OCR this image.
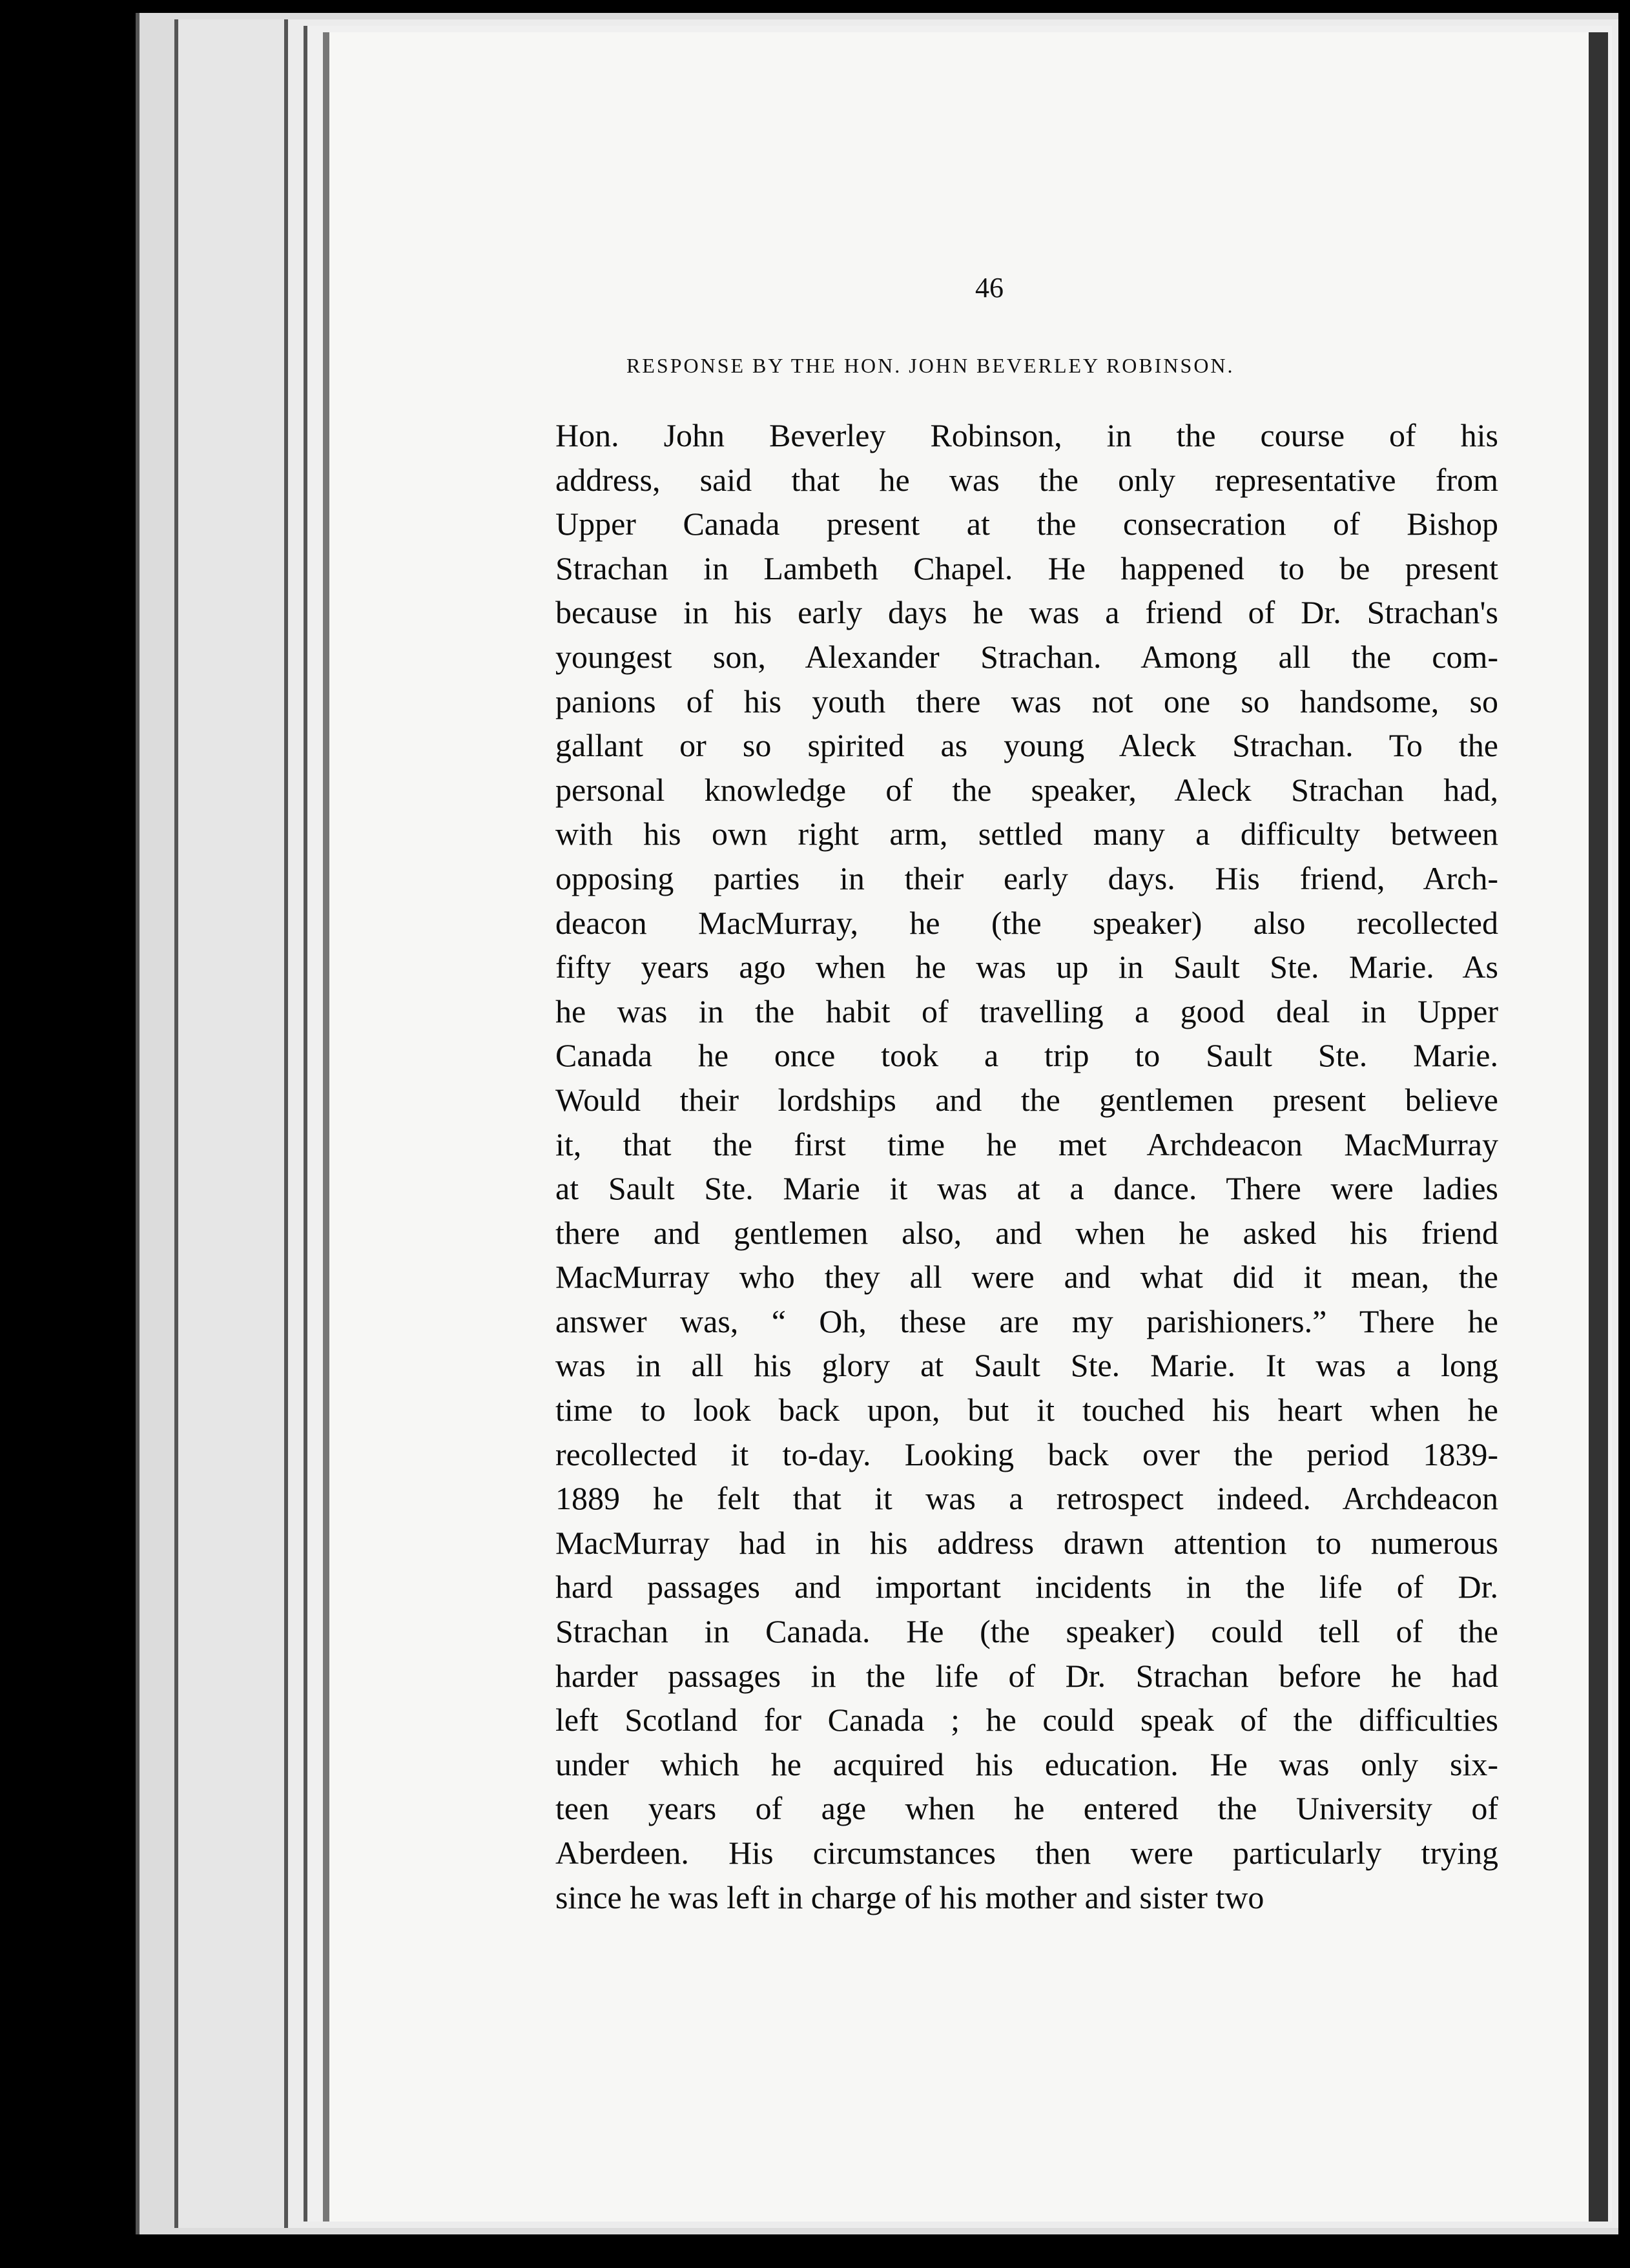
46
RESPONSE BY THE HON. JOHN BEVERLEY ROBINSON.
Hon. John Beverley Robinson, in the course of his
address, said that he was the only representative from
Upper Canada present at the consecration of Bishop
Strachan in Lambeth Chapel. He happened to be present
because in his early days he was a friend of Dr. Strachan's
youngest son, Alexander Strachan. Among all the com-
panions of his youth there was not one so handsome, so
gallant or so spirited as young Aleck Strachan. To the
personal knowledge of the speaker, Aleck Strachan had,
with his own right arm, settled many a difficulty between
opposing parties in their early days. His friend, Arch-
deacon MacMurray, he (the speaker) also recollected
fifty years ago when he was up in Sault Ste. Marie. As
he was in the habit of travelling a good deal in Upper
Canada he once took a trip to Sault Ste. Marie.
Would their lordships and the gentlemen present believe
it, that the first time he met Archdeacon MacMurray
at Sault Ste. Marie it was at a dance. There were ladies
there and gentlemen also, and when he asked his friend
MacMurray who they all were and what did it mean, the
answer was, “ Oh, these are my parishioners.” There he
was in all his glory at Sault Ste. Marie. It was a long
time to look back upon, but it touched his heart when he
recollected it to-day. Looking back over the period 1839-
1889 he felt that it was a retrospect indeed. Archdeacon
MacMurray had in his address drawn attention to numerous
hard passages and important incidents in the life of Dr.
Strachan in Canada. He (the speaker) could tell of the
harder passages in the life of Dr. Strachan before he had
left Scotland for Canada ; he could speak of the difficulties
under which he acquired his education. He was only six-
teen years of age when he entered the University of
Aberdeen. His circumstances then were particularly trying
since he was left in charge of his mother and sister two
